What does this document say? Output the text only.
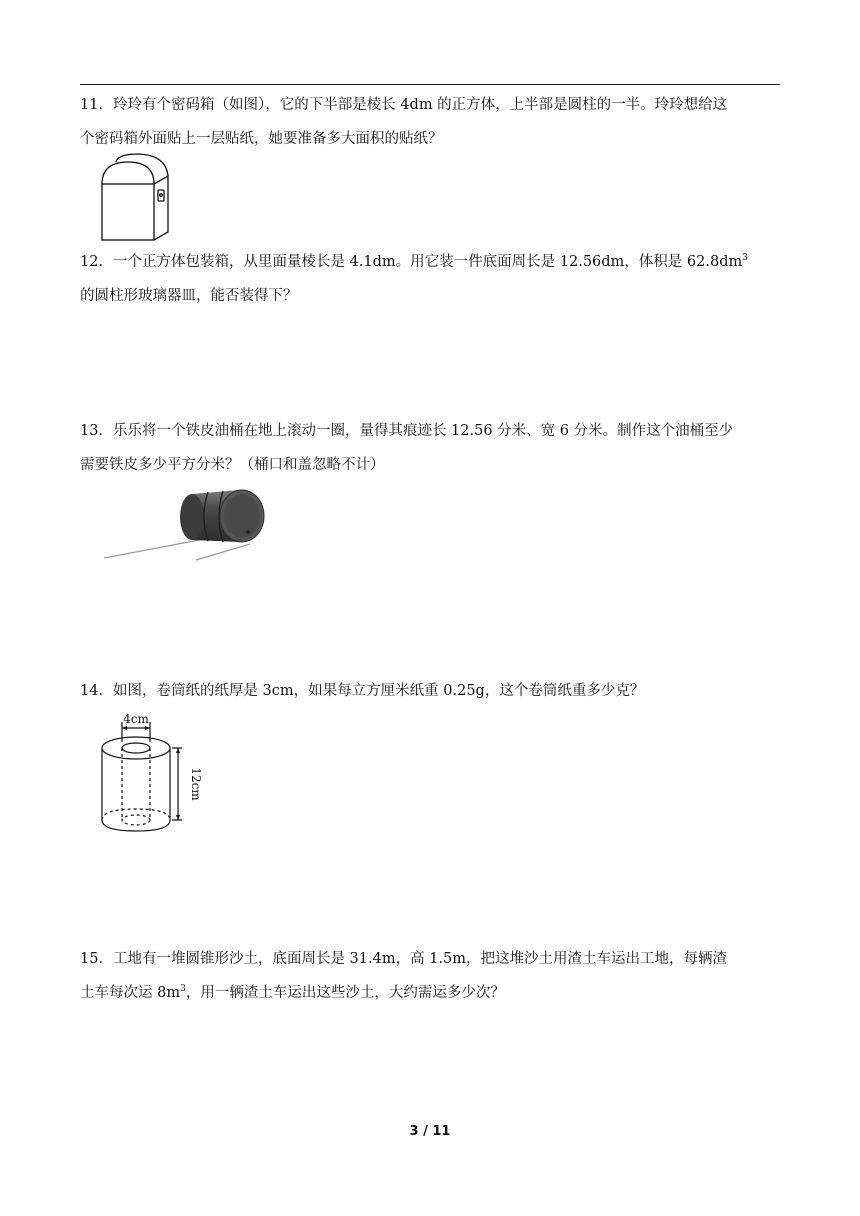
11．玲玲有个密码箱（如图），它的下半部是棱长 4dm 的正方体，上半部是圆柱的一半。玲玲想给这

个密码箱外面贴上一层贴纸，她要准备多大面积的贴纸？

12．一个正方体包装箱，从里面量棱长是 4.1dm。用它装一件底面周长是 12.56dm，体积是 $62.8dm^3$

的圆柱形玻璃器皿，能否装得下？

13．乐乐将一个铁皮油桶在地上滚动一圈，量得其痕迹长 12.56 分米、宽 6 分米。制作这个油桶至少

需要铁皮多少平方分米？（桶口和盖忽略不计）

14．如图，卷筒纸的纸厚是 3cm，如果每立方厘米纸重 0.25g，这个卷筒纸重多少克？

4cm
12cm

15．工地有一堆圆锥形沙土，底面周长是 31.4m，高 1.5m，把这堆沙土用渣土车运出工地，每辆渣

土车每次运 $8m^3$，用一辆渣土车运出这些沙土，大约需运多少次？

3 / 11
